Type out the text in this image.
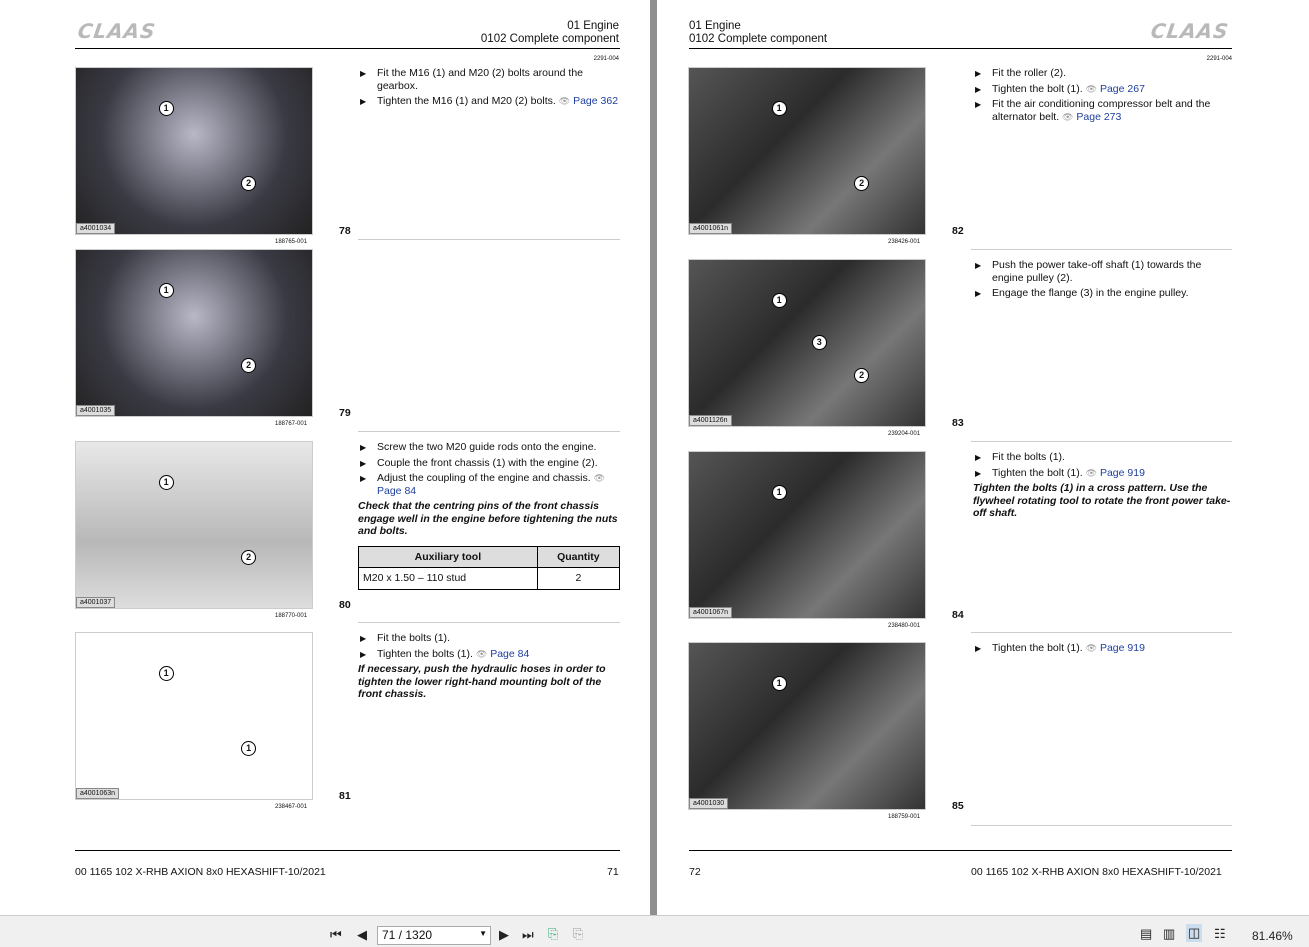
CLAAS	01 Engine
0102 Complete component
2291-004
1
2
a4001034
188765-001
78
▶ Fit the M16 (1) and M20 (2) bolts around the gearbox.
▶ Tighten the M16 (1) and M20 (2) bolts. 👁 Page 362
1
2
a4001035
188767-001
79
1
2
a4001037
188770-001
80
▶ Screw the two M20 guide rods onto the engine.
▶ Couple the front chassis (1) with the engine (2).
▶ Adjust the coupling of the engine and chassis. 👁 Page 84
Check that the centring pins of the front chassis engage well in the engine before tightening the nuts and bolts.
Auxiliary tool	Quantity
M20 x 1.50 – 110 stud	2
1
1
a4001063n
238467-001
81
▶ Fit the bolts (1).
▶ Tighten the bolts (1). 👁 Page 84
If necessary, push the hydraulic hoses in order to tighten the lower right-hand mounting bolt of the front chassis.
00 1165 102 X-RHB AXION 8x0 HEXASHIFT-10/2021	71
CLAAS
01 Engine
0102 Complete component
2291-004
1
2
a4001061n
238426-001
82
▶ Fit the roller (2).
▶ Tighten the bolt (1). 👁 Page 267
▶ Fit the air conditioning compressor belt and the alternator belt. 👁 Page 273
1
2
3
a4001126n
239204-001
83
▶ Push the power take-off shaft (1) towards the engine pulley (2).
▶ Engage the flange (3) in the engine pulley.
1
a4001067n
238480-001
84
▶ Fit the bolts (1).
▶ Tighten the bolt (1). 👁 Page 919
Tighten the bolts (1) in a cross pattern. Use the flywheel rotating tool to rotate the front power take-off shaft.
1
a4001030
188759-001
85
▶ Tighten the bolt (1). 👁 Page 919
72	00 1165 102 X-RHB AXION 8x0 HEXASHIFT-10/2021
⏮ ◀	71 / 1320	▼ ▶ ⏭ ⎘ ⎘	▤ ▥ ◫ ☷ 81.46%
